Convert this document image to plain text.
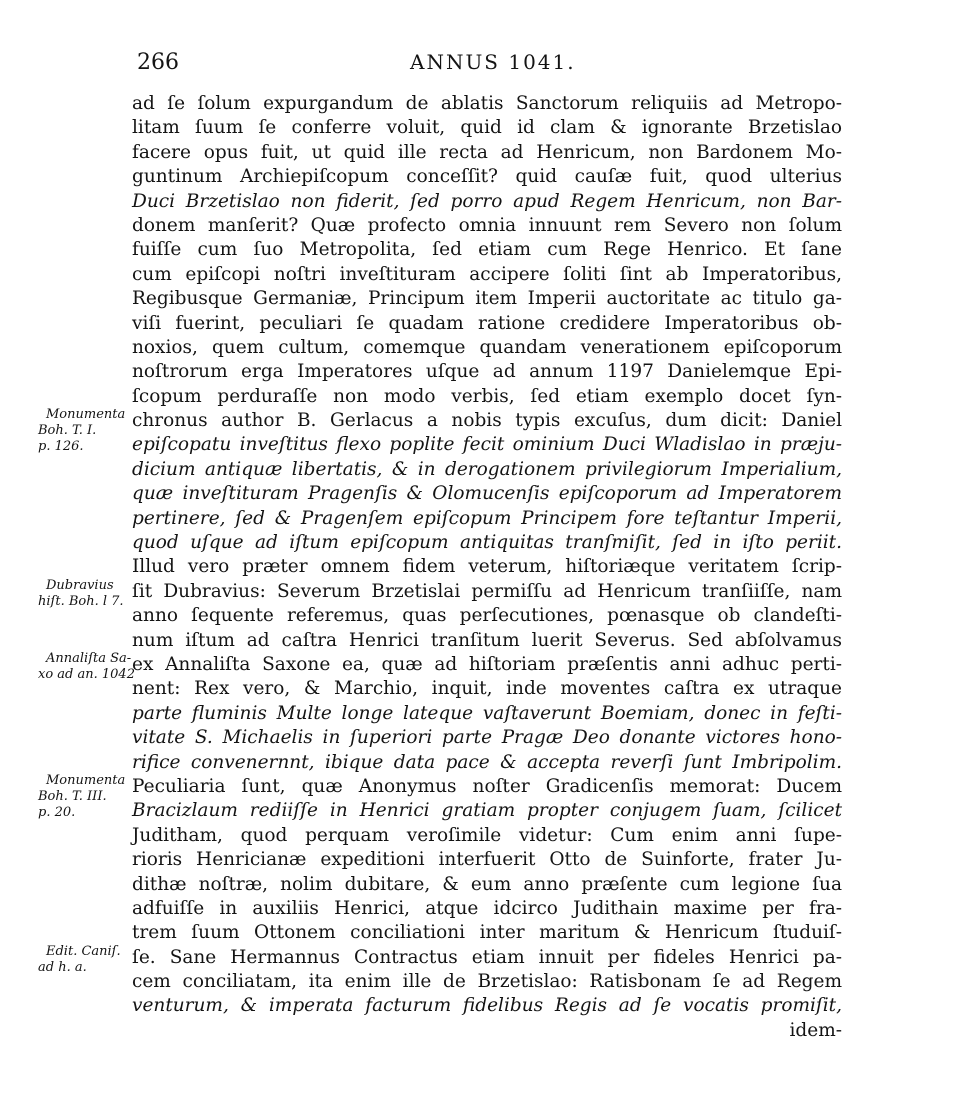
266	ANNUS 1041.
ad ſe ſolum expurgandum de ablatis Sanctorum reliquiis ad Metropo-
litam ſuum ſe conferre voluit, quid id clam & ignorante Brzetislao
facere opus fuit, ut quid ille recta ad Henricum, non Bardonem Mo-
guntinum Archiepiſcopum conceſſit? quid cauſæ fuit, quod ulterius
Duci Brzetislao non fiderit, ſed porro apud Regem Henricum, non Bar-
donem manſerit? Quæ profecto omnia innuunt rem Severo non ſolum
fuiſſe cum ſuo Metropolita, ſed etiam cum Rege Henrico. Et ſane
cum epiſcopi noſtri inveſtituram accipere ſoliti ſint ab Imperatoribus,
Regibusque Germaniæ, Principum item Imperii auctoritate ac titulo ga-
viſi fuerint, peculiari ſe quadam ratione credidere Imperatoribus ob-
noxios, quem cultum, comemque quandam venerationem epiſcoporum
noſtrorum erga Imperatores uſque ad annum 1197 Danielemque Epi-
ſcopum perduraſſe non modo verbis, ſed etiam exemplo docet ſyn-
chronus author B. Gerlacus a nobis typis excuſus, dum dicit: Daniel
epiſcopatu inveſtitus flexo poplite fecit ominium Duci Wladislao in præju-
dicium antiquæ libertatis, & in derogationem privilegiorum Imperialium,
quæ inveſtituram Pragenſis & Olomucenſis epiſcoporum ad Imperatorem
pertinere, ſed & Pragenſem epiſcopum Principem fore teſtantur Imperii,
quod uſque ad iſtum epiſcopum antiquitas tranſmiſit, ſed in iſto periit.
Illud vero præter omnem fidem veterum, hiſtoriæque veritatem ſcrip-
ſit Dubravius: Severum Brzetislai permiſſu ad Henricum tranſiiſſe, nam
anno ſequente referemus, quas perſecutiones, pœnasque ob clandeſti-
num iſtum ad caſtra Henrici tranſitum luerit Severus. Sed abſolvamus
ex Annaliſta Saxone ea, quæ ad hiſtoriam præſentis anni adhuc perti-
nent: Rex vero, & Marchio, inquit, inde moventes caſtra ex utraque
parte fluminis Multe longe lateque vaſtaverunt Boemiam, donec in feſti-
vitate S. Michaelis in ſuperiori parte Pragæ Deo donante victores hono-
rifice convenernnt, ibique data pace & accepta reverſi ſunt Imbripolim.
Peculiaria ſunt, quæ Anonymus noſter Gradicenſis memorat: Ducem
Bracizlaum rediiſſe in Henrici gratiam propter conjugem ſuam, ſcilicet
Juditham, quod perquam veroſimile videtur: Cum enim anni ſupe-
rioris Henricianæ expeditioni interfuerit Otto de Suinforte, frater Ju-
dithæ noſtræ, nolim dubitare, & eum anno præſente cum legione ſua
adfuiſſe in auxiliis Henrici, atque idcirco Judithain maxime per fra-
trem ſuum Ottonem conciliationi inter maritum & Henricum ſtuduiſ-
ſe. Sane Hermannus Contractus etiam innuit per fideles Henrici pa-
cem conciliatam, ita enim ille de Brzetislao: Ratisbonam ſe ad Regem
venturum, & imperata facturum fidelibus Regis ad ſe vocatis promiſit,
idem-
Monumenta
Boh. T. I.
p. 126.
Dubravius
hiſt. Boh. l 7.
Annaliſta Sa-
xo ad an. 1042
Monumenta
Boh. T. III.
p. 20.
Edit. Caniſ.
ad h. a.
